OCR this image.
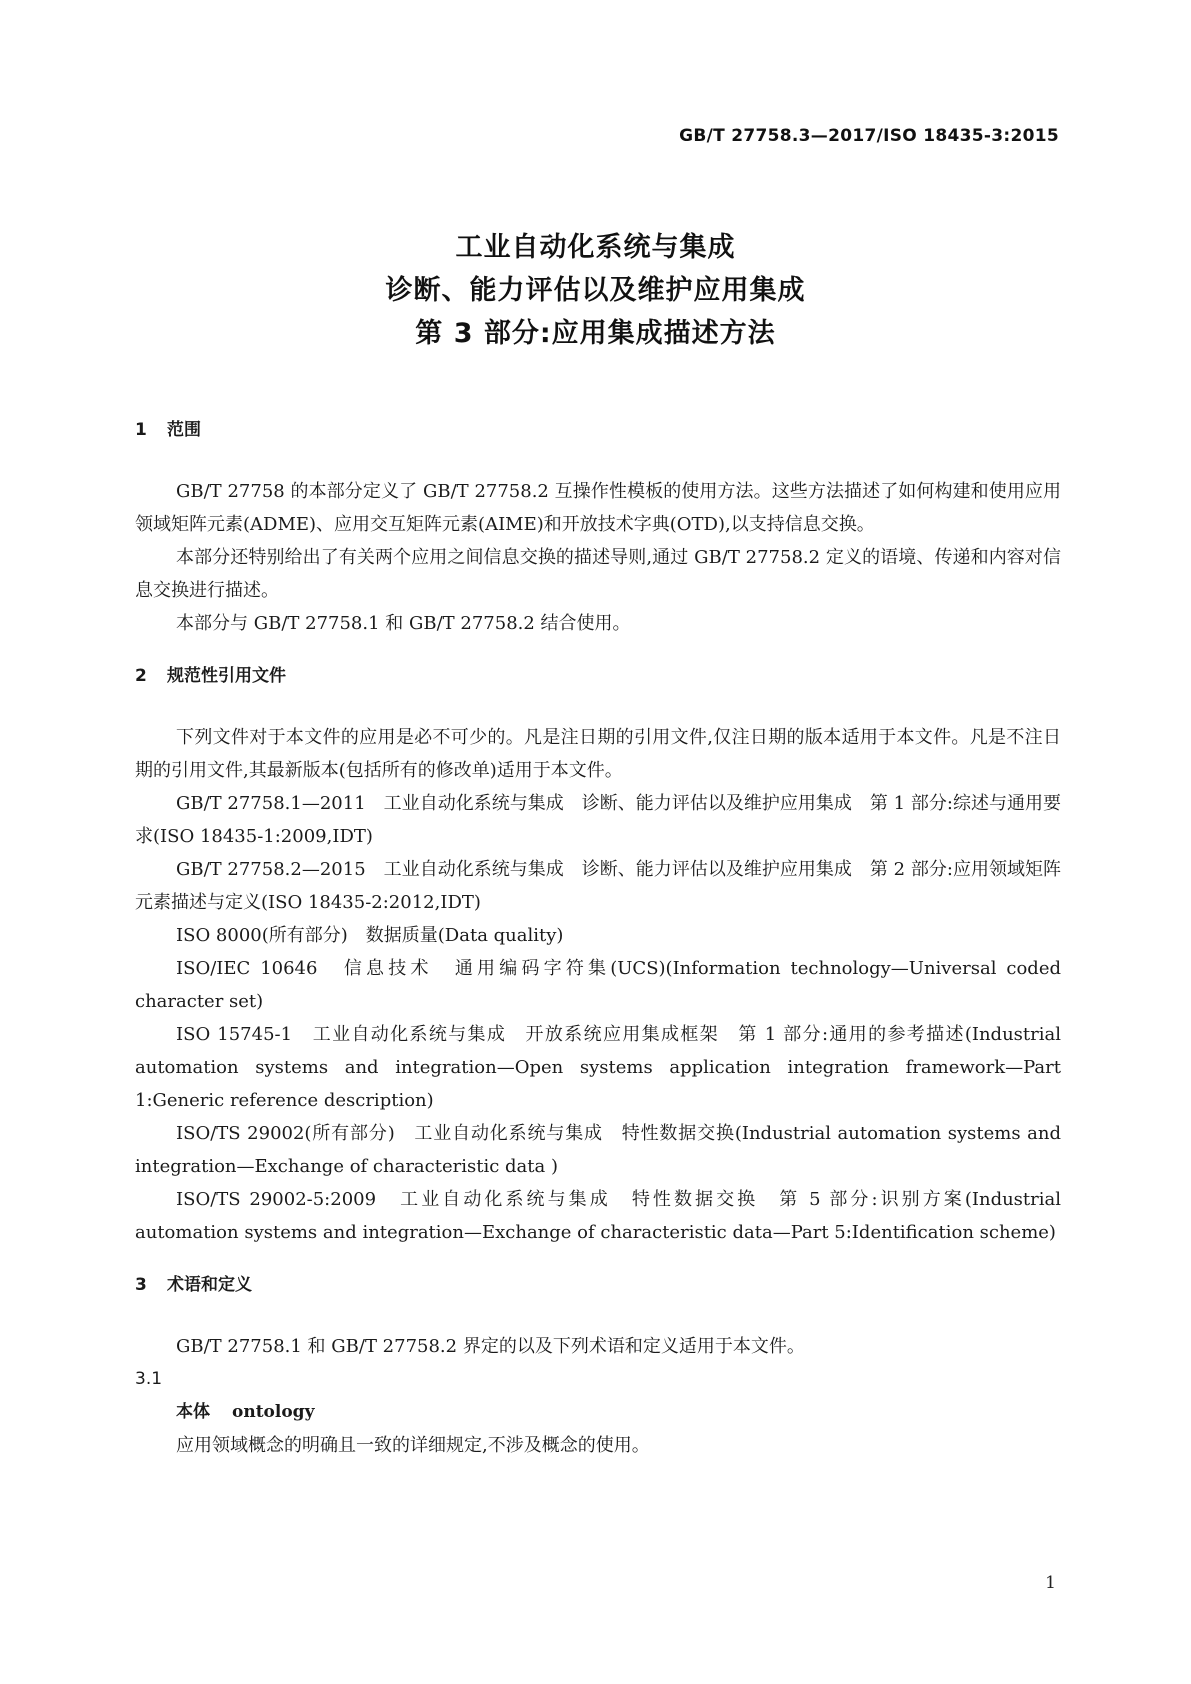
GB/T 27758.3—2017/ISO 18435-3:2015
工业自动化系统与集成
诊断、能力评估以及维护应用集成
第 3 部分:应用集成描述方法
1 范围

GB/T 27758 的本部分定义了 GB/T 27758.2 互操作性模板的使用方法。这些方法描述了如何构建和使用应用领域矩阵元素(ADME)、应用交互矩阵元素(AIME)和开放技术字典(OTD),以支持信息交换。

本部分还特别给出了有关两个应用之间信息交换的描述导则,通过 GB/T 27758.2 定义的语境、传递和内容对信息交换进行描述。

本部分与 GB/T 27758.1 和 GB/T 27758.2 结合使用。

2 规范性引用文件

下列文件对于本文件的应用是必不可少的。凡是注日期的引用文件,仅注日期的版本适用于本文件。凡是不注日期的引用文件,其最新版本(包括所有的修改单)适用于本文件。

GB/T 27758.1—2011　工业自动化系统与集成　诊断、能力评估以及维护应用集成　第 1 部分:综述与通用要求(ISO 18435-1:2009,IDT)

GB/T 27758.2—2015　工业自动化系统与集成　诊断、能力评估以及维护应用集成　第 2 部分:应用领域矩阵元素描述与定义(ISO 18435-2:2012,IDT)

ISO 8000(所有部分)　数据质量(Data quality)

ISO/IEC 10646　信息技术　通用编码字符集(UCS)(Information technology—Universal coded character set)

ISO 15745-1　工业自动化系统与集成　开放系统应用集成框架　第 1 部分:通用的参考描述(Industrial automation systems and integration—Open systems application integration framework—Part 1:Generic reference description)

ISO/TS 29002(所有部分)　工业自动化系统与集成　特性数据交换(Industrial automation systems and integration—Exchange of characteristic data )

ISO/TS 29002-5:2009　工业自动化系统与集成　特性数据交换　第 5 部分:识别方案(Industrial automation systems and integration—Exchange of characteristic data—Part 5:Identification scheme)

3 术语和定义

GB/T 27758.1 和 GB/T 27758.2 界定的以及下列术语和定义适用于本文件。

3.1
本体 ontology
应用领域概念的明确且一致的详细规定,不涉及概念的使用。
1
